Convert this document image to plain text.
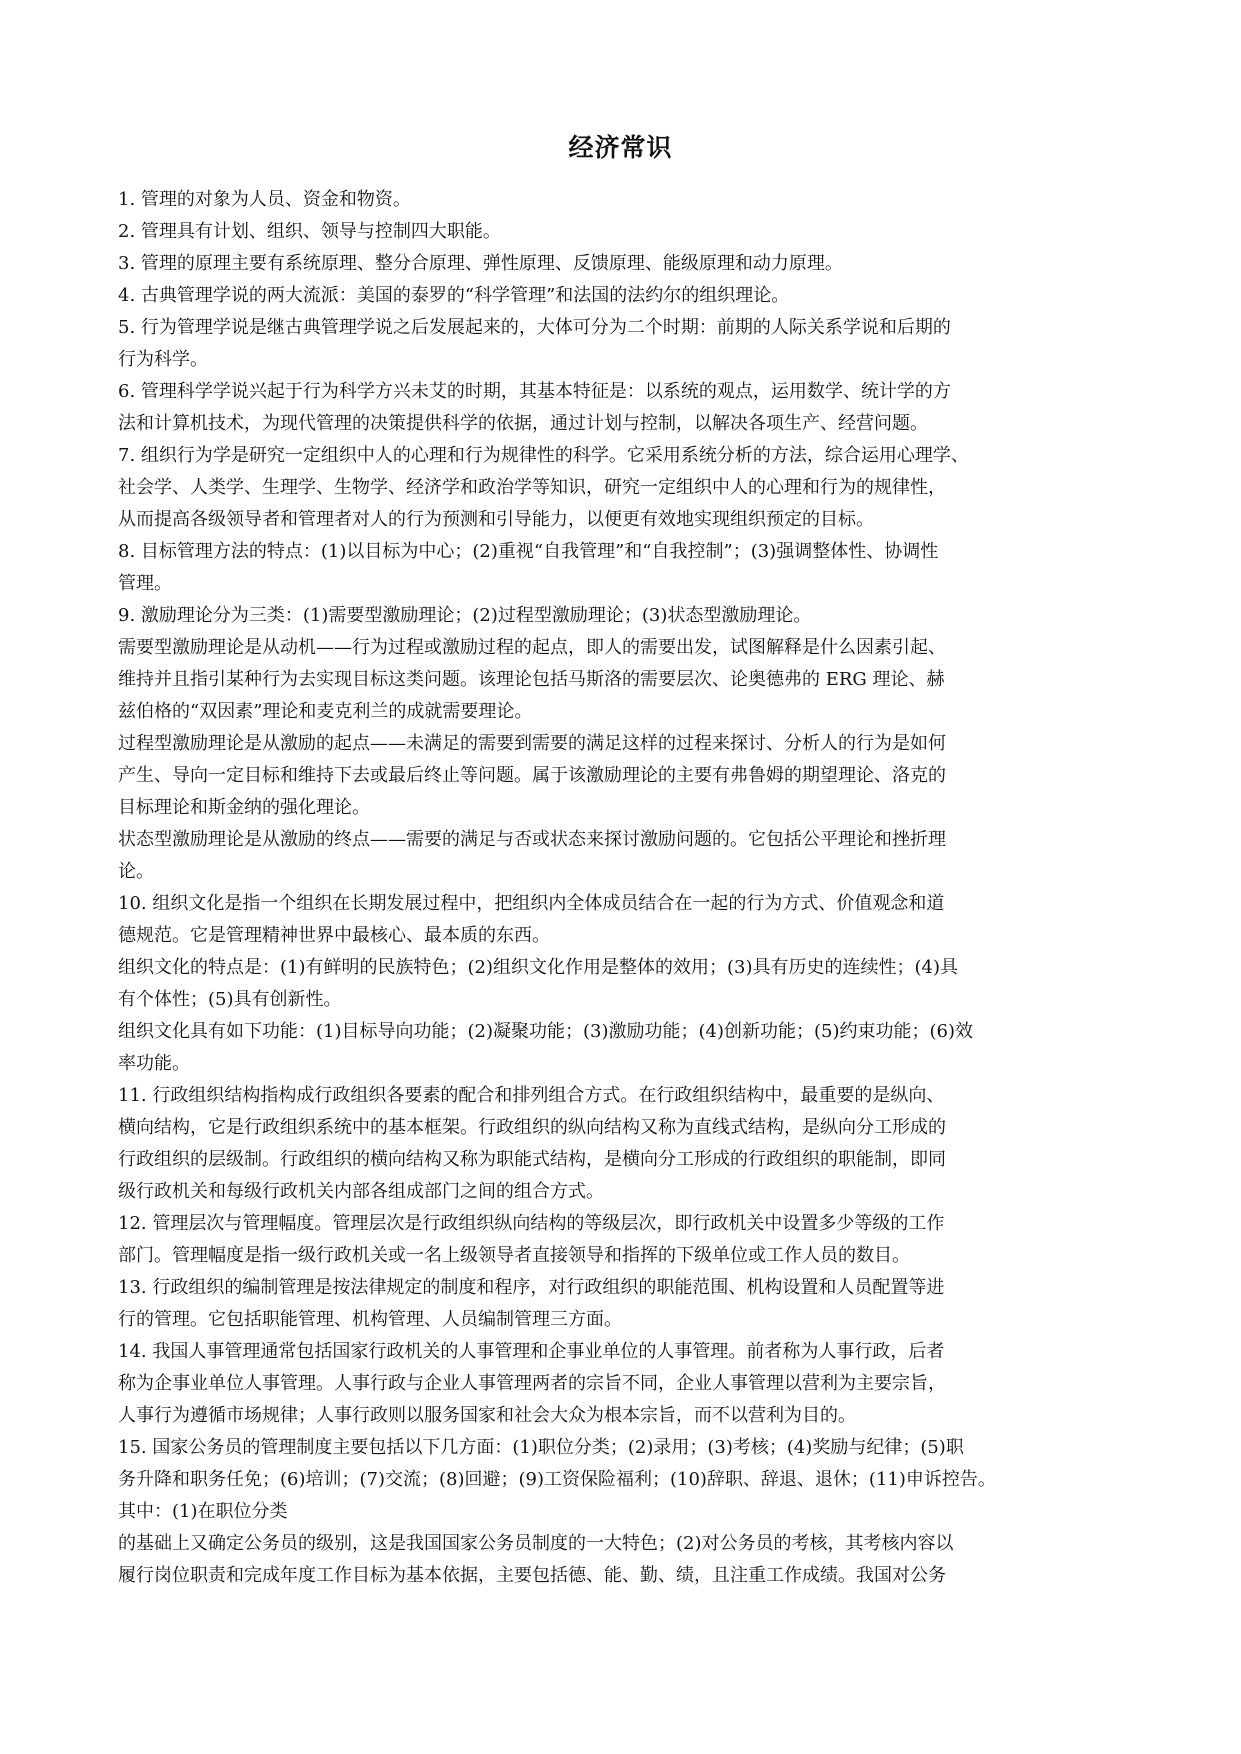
经济常识
1. 管理的对象为人员、资金和物资。
2. 管理具有计划、组织、领导与控制四大职能。
3. 管理的原理主要有系统原理、整分合原理、弹性原理、反馈原理、能级原理和动力原理。
4. 古典管理学说的两大流派：美国的泰罗的“科学管理”和法国的法约尔的组织理论。
5. 行为管理学说是继古典管理学说之后发展起来的，大体可分为二个时期：前期的人际关系学说和后期的
行为科学。
6. 管理科学学说兴起于行为科学方兴未艾的时期，其基本特征是：以系统的观点，运用数学、统计学的方
法和计算机技术，为现代管理的决策提供科学的依据，通过计划与控制，以解决各项生产、经营问题。
7. 组织行为学是研究一定组织中人的心理和行为规律性的科学。它采用系统分析的方法，综合运用心理学、
社会学、人类学、生理学、生物学、经济学和政治学等知识，研究一定组织中人的心理和行为的规律性，
从而提高各级领导者和管理者对人的行为预测和引导能力，以便更有效地实现组织预定的目标。
8. 目标管理方法的特点：(1)以目标为中心；(2)重视“自我管理”和“自我控制”；(3)强调整体性、协调性
管理。
9. 激励理论分为三类：(1)需要型激励理论；(2)过程型激励理论；(3)状态型激励理论。
需要型激励理论是从动机——行为过程或激励过程的起点，即人的需要出发，试图解释是什么因素引起、
维持并且指引某种行为去实现目标这类问题。该理论包括马斯洛的需要层次、论奥德弗的 ERG 理论、赫
兹伯格的“双因素”理论和麦克利兰的成就需要理论。
过程型激励理论是从激励的起点——未满足的需要到需要的满足这样的过程来探讨、分析人的行为是如何
产生、导向一定目标和维持下去或最后终止等问题。属于该激励理论的主要有弗鲁姆的期望理论、洛克的
目标理论和斯金纳的强化理论。
状态型激励理论是从激励的终点——需要的满足与否或状态来探讨激励问题的。它包括公平理论和挫折理
论。
10. 组织文化是指一个组织在长期发展过程中，把组织内全体成员结合在一起的行为方式、价值观念和道
德规范。它是管理精神世界中最核心、最本质的东西。
组织文化的特点是：(1)有鲜明的民族特色；(2)组织文化作用是整体的效用；(3)具有历史的连续性；(4)具
有个体性；(5)具有创新性。
组织文化具有如下功能：(1)目标导向功能；(2)凝聚功能；(3)激励功能；(4)创新功能；(5)约束功能；(6)效
率功能。
11. 行政组织结构指构成行政组织各要素的配合和排列组合方式。在行政组织结构中，最重要的是纵向、
横向结构，它是行政组织系统中的基本框架。行政组织的纵向结构又称为直线式结构，是纵向分工形成的
行政组织的层级制。行政组织的横向结构又称为职能式结构，是横向分工形成的行政组织的职能制，即同
级行政机关和每级行政机关内部各组成部门之间的组合方式。
12. 管理层次与管理幅度。管理层次是行政组织纵向结构的等级层次，即行政机关中设置多少等级的工作
部门。管理幅度是指一级行政机关或一名上级领导者直接领导和指挥的下级单位或工作人员的数目。
13. 行政组织的编制管理是按法律规定的制度和程序，对行政组织的职能范围、机构设置和人员配置等进
行的管理。它包括职能管理、机构管理、人员编制管理三方面。
14. 我国人事管理通常包括国家行政机关的人事管理和企事业单位的人事管理。前者称为人事行政，后者
称为企事业单位人事管理。人事行政与企业人事管理两者的宗旨不同，企业人事管理以营利为主要宗旨，
人事行为遵循市场规律；人事行政则以服务国家和社会大众为根本宗旨，而不以营利为目的。
15. 国家公务员的管理制度主要包括以下几方面：(1)职位分类；(2)录用；(3)考核；(4)奖励与纪律；(5)职
务升降和职务任免；(6)培训；(7)交流；(8)回避；(9)工资保险福利；(10)辞职、辞退、退休；(11)申诉控告。
其中：(1)在职位分类
的基础上又确定公务员的级别，这是我国国家公务员制度的一大特色；(2)对公务员的考核，其考核内容以
履行岗位职责和完成年度工作目标为基本依据，主要包括德、能、勤、绩，且注重工作成绩。我国对公务
